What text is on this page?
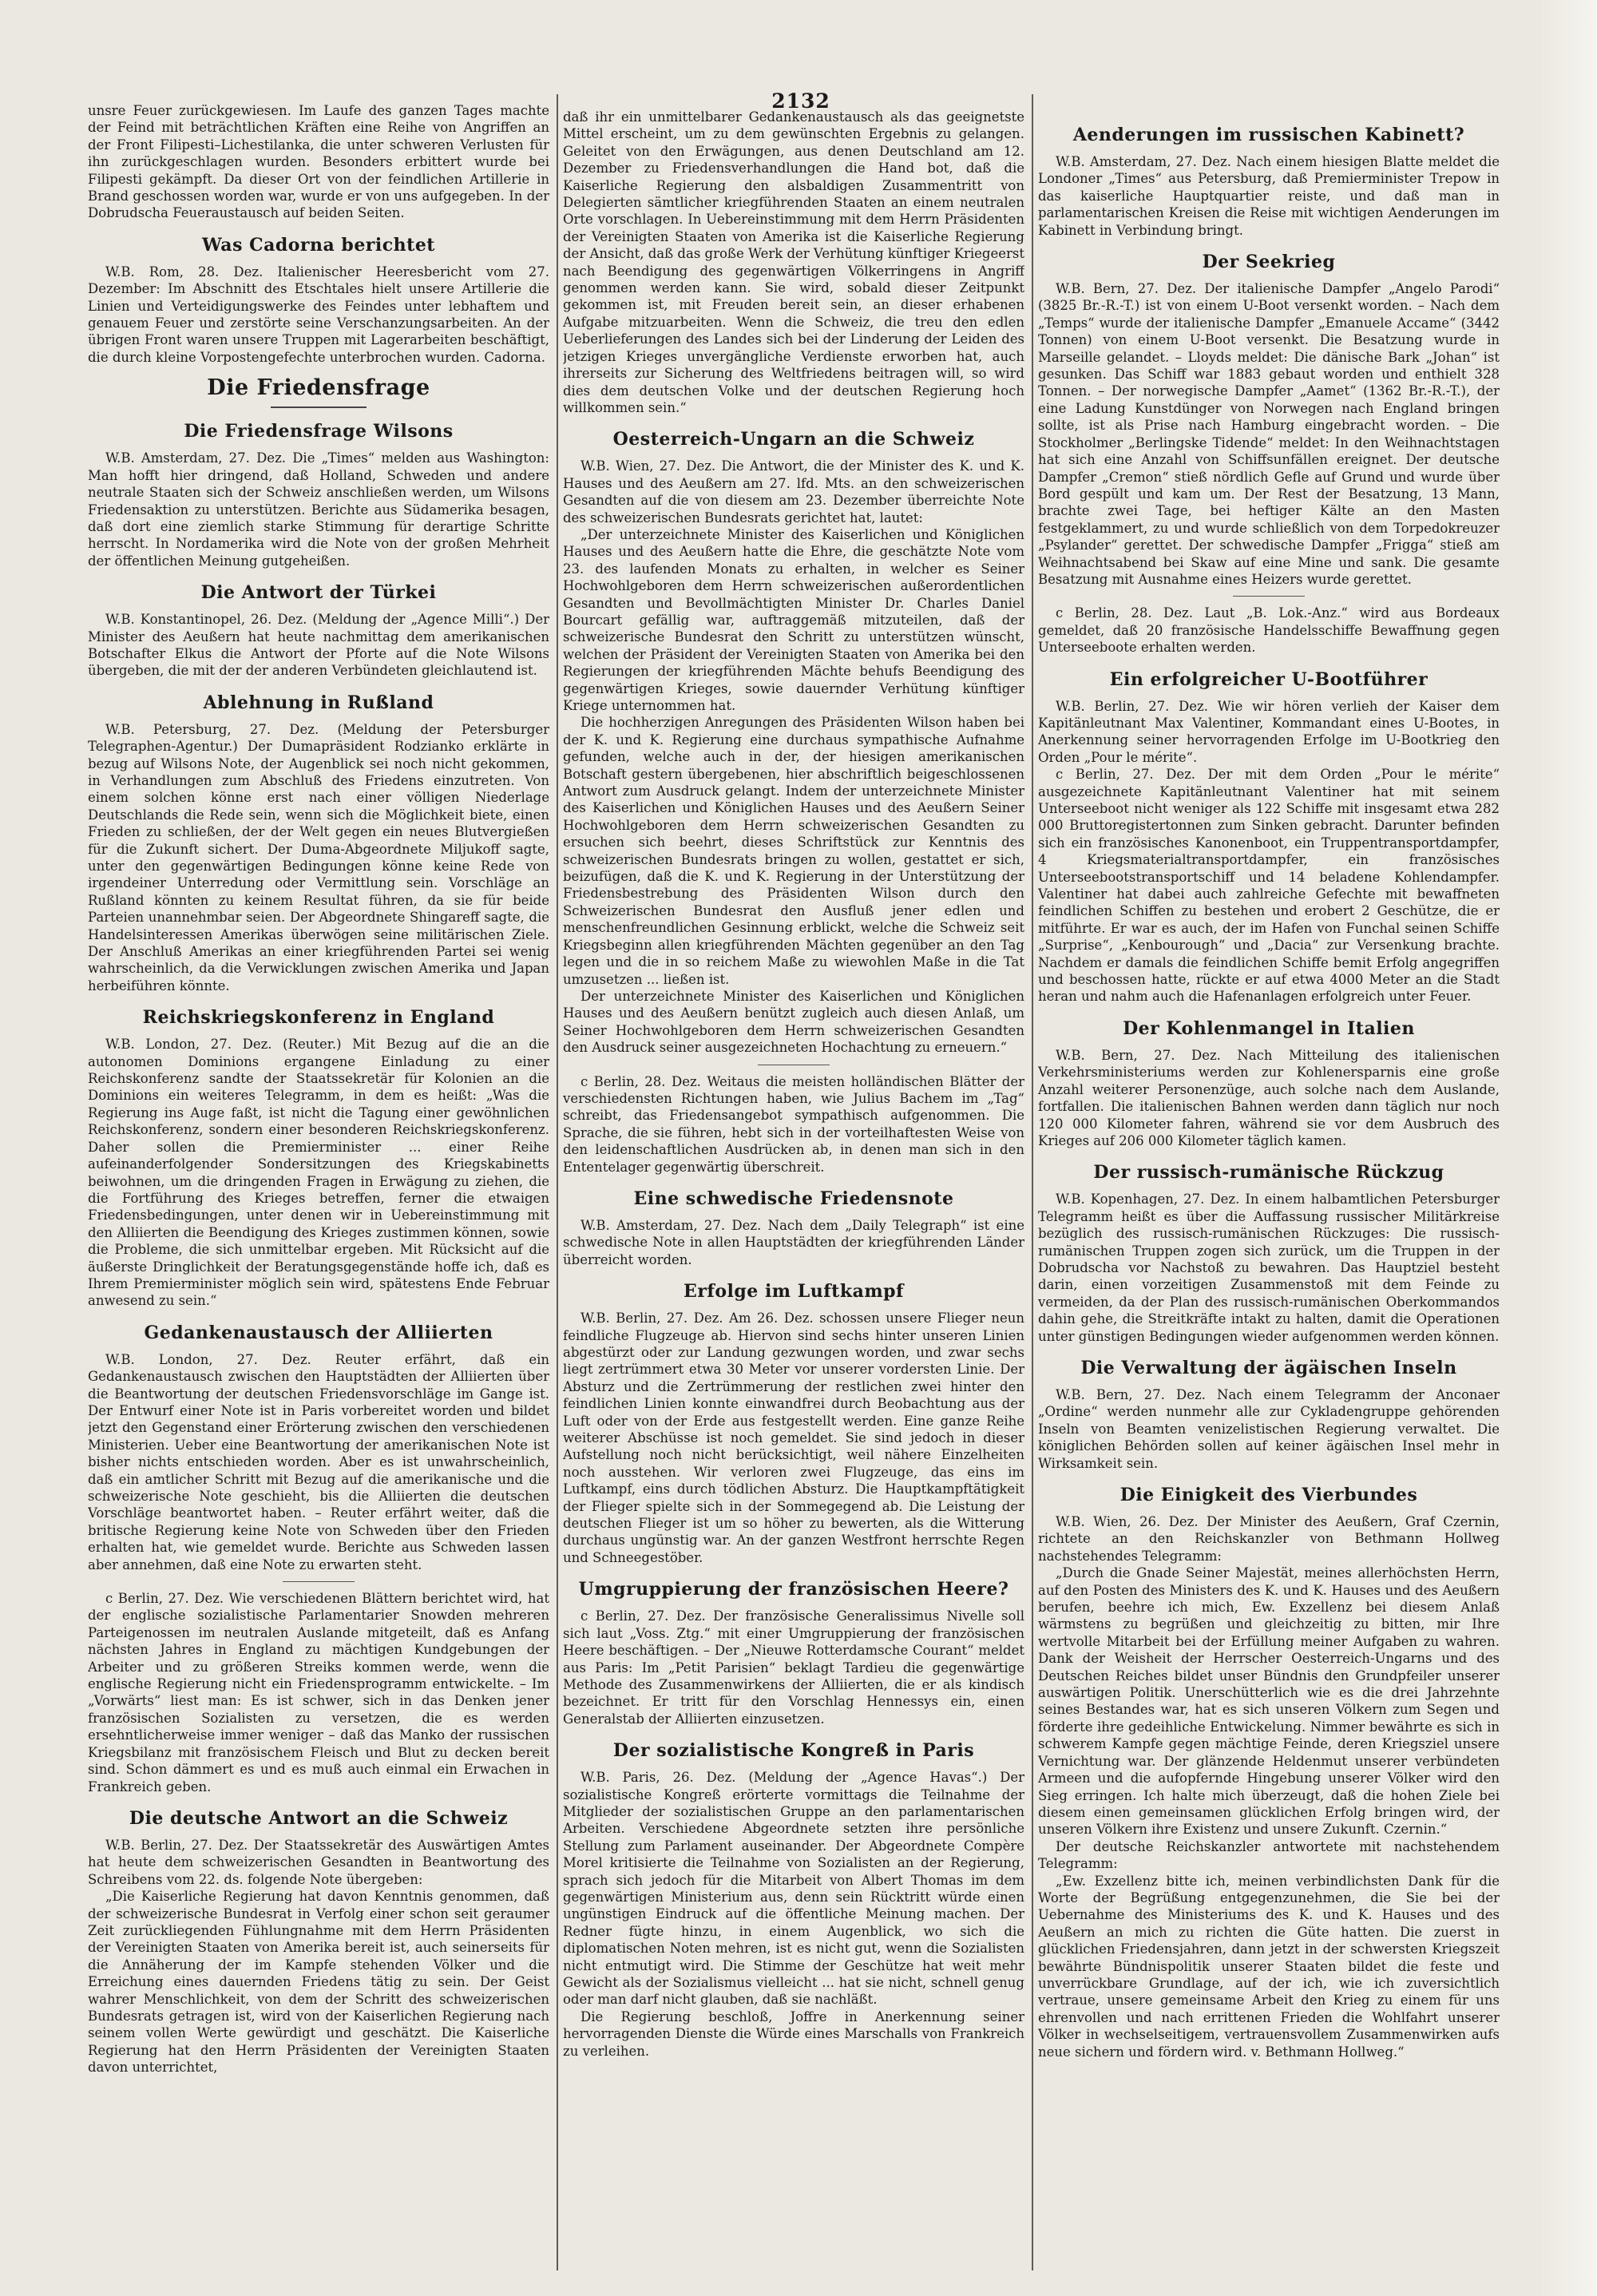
2132

unsre Feuer zurückgewiesen. Im Laufe des ganzen Tages machte der Feind mit beträchtlichen Kräften eine Reihe von Angriffen an der Front Filipesti–Lichestilanka, die unter schweren Verlusten für ihn zurückgeschlagen wurden. Besonders erbittert wurde bei Filipesti gekämpft. Da dieser Ort von der feindlichen Artillerie in Brand geschossen worden war, wurde er von uns aufgegeben. In der Dobrudscha Feueraustausch auf beiden Seiten.

Was Cadorna berichtet

W.B. Rom, 28. Dez. Italienischer Heeresbericht vom 27. Dezember: Im Abschnitt des Etschtales hielt unsere Artillerie die Linien und Verteidigungswerke des Feindes unter lebhaftem und genauem Feuer und zerstörte seine Verschanzungsarbeiten. An der übrigen Front waren unsere Truppen mit Lagerarbeiten beschäftigt, die durch kleine Vorpostengefechte unterbrochen wurden. Cadorna.

Die Friedensfrage
Die Friedensfrage Wilsons

W.B. Amsterdam, 27. Dez. Die „Times“ melden aus Washington: Man hofft hier dringend, daß Holland, Schweden und andere neutrale Staaten sich der Schweiz anschließen werden, um Wilsons Friedensaktion zu unterstützen. Berichte aus Südamerika besagen, daß dort eine ziemlich starke Stimmung für derartige Schritte herrscht. In Nordamerika wird die Note von der großen Mehrheit der öffentlichen Meinung gutgeheißen.

Die Antwort der Türkei

W.B. Konstantinopel, 26. Dez. (Meldung der „Agence Milli“.) Der Minister des Aeußern hat heute nachmittag dem amerikanischen Botschafter Elkus die Antwort der Pforte auf die Note Wilsons übergeben, die mit der der anderen Verbündeten gleichlautend ist.

Ablehnung in Rußland

W.B. Petersburg, 27. Dez. (Meldung der Petersburger Telegraphen-Agentur.) Der Dumapräsident Rodzianko erklärte in bezug auf Wilsons Note, der Augenblick sei noch nicht gekommen, in Verhandlungen zum Abschluß des Friedens einzutreten. Von einem solchen könne erst nach einer völligen Niederlage Deutschlands die Rede sein, wenn sich die Möglichkeit biete, einen Frieden zu schließen, der der Welt gegen ein neues Blutvergießen für die Zukunft sichert. Der Duma-Abgeordnete Miljukoff sagte, unter den gegenwärtigen Bedingungen könne keine Rede von irgendeiner Unterredung oder Vermittlung sein. Vorschläge an Rußland könnten zu keinem Resultat führen, da sie für beide Parteien unannehmbar seien. Der Abgeordnete Shingareff sagte, die Handelsinteressen Amerikas überwögen seine militärischen Ziele. Der Anschluß Amerikas an einer kriegführenden Partei sei wenig wahrscheinlich, da die Verwicklungen zwischen Amerika und Japan herbeiführen könnte.

Reichskriegskonferenz in England

W.B. London, 27. Dez. (Reuter.) Mit Bezug auf die an die autonomen Dominions ergangene Einladung zu einer Reichskonferenz sandte der Staatssekretär für Kolonien an die Dominions ein weiteres Telegramm, in dem es heißt: „Was die Regierung ins Auge faßt, ist nicht die Tagung einer gewöhnlichen Reichskonferenz, sondern einer besonderen Reichskriegskonferenz. Daher sollen die Premierminister ... einer Reihe aufeinanderfolgender Sondersitzungen des Kriegskabinetts beiwohnen, um die dringenden Fragen in Erwägung zu ziehen, die die Fortführung des Krieges betreffen, ferner die etwaigen Friedensbedingungen, unter denen wir in Uebereinstimmung mit den Alliierten die Beendigung des Krieges zustimmen können, sowie die Probleme, die sich unmittelbar ergeben. Mit Rücksicht auf die äußerste Dringlichkeit der Beratungsgegenstände hoffe ich, daß es Ihrem Premierminister möglich sein wird, spätestens Ende Februar anwesend zu sein.“

Gedankenaustausch der Alliierten

W.B. London, 27. Dez. Reuter erfährt, daß ein Gedankenaustausch zwischen den Hauptstädten der Alliierten über die Beantwortung der deutschen Friedensvorschläge im Gange ist. Der Entwurf einer Note ist in Paris vorbereitet worden und bildet jetzt den Gegenstand einer Erörterung zwischen den verschiedenen Ministerien. Ueber eine Beantwortung der amerikanischen Note ist bisher nichts entschieden worden. Aber es ist unwahrscheinlich, daß ein amtlicher Schritt mit Bezug auf die amerikanische und die schweizerische Note geschieht, bis die Alliierten die deutschen Vorschläge beantwortet haben. – Reuter erfährt weiter, daß die britische Regierung keine Note von Schweden über den Frieden erhalten hat, wie gemeldet wurde. Berichte aus Schweden lassen aber annehmen, daß eine Note zu erwarten steht.

c Berlin, 27. Dez. Wie verschiedenen Blättern berichtet wird, hat der englische sozialistische Parlamentarier Snowden mehreren Parteigenossen im neutralen Auslande mitgeteilt, daß es Anfang nächsten Jahres in England zu mächtigen Kundgebungen der Arbeiter und zu größeren Streiks kommen werde, wenn die englische Regierung nicht ein Friedensprogramm entwickelte. – Im „Vorwärts“ liest man: Es ist schwer, sich in das Denken jener französischen Sozialisten zu versetzen, die es werden ersehntlicherweise immer weniger – daß das Manko der russischen Kriegsbilanz mit französischem Fleisch und Blut zu decken bereit sind. Schon dämmert es und es muß auch einmal ein Erwachen in Frankreich geben.

Die deutsche Antwort an die Schweiz

W.B. Berlin, 27. Dez. Der Staatssekretär des Auswärtigen Amtes hat heute dem schweizerischen Gesandten in Beantwortung des Schreibens vom 22. ds. folgende Note übergeben:

„Die Kaiserliche Regierung hat davon Kenntnis genommen, daß der schweizerische Bundesrat in Verfolg einer schon seit geraumer Zeit zurückliegenden Fühlungnahme mit dem Herrn Präsidenten der Vereinigten Staaten von Amerika bereit ist, auch seinerseits für die Annäherung der im Kampfe stehenden Völker und die Erreichung eines dauernden Friedens tätig zu sein. Der Geist wahrer Menschlichkeit, von dem der Schritt des schweizerischen Bundesrats getragen ist, wird von der Kaiserlichen Regierung nach seinem vollen Werte gewürdigt und geschätzt. Die Kaiserliche Regierung hat den Herrn Präsidenten der Vereinigten Staaten davon unterrichtet,

daß ihr ein unmittelbarer Gedankenaustausch als das geeignetste Mittel erscheint, um zu dem gewünschten Ergebnis zu gelangen. Geleitet von den Erwägungen, aus denen Deutschland am 12. Dezember zu Friedensverhandlungen die Hand bot, daß die Kaiserliche Regierung den alsbaldigen Zusammentritt von Delegierten sämtlicher kriegführenden Staaten an einem neutralen Orte vorschlagen. In Uebereinstimmung mit dem Herrn Präsidenten der Vereinigten Staaten von Amerika ist die Kaiserliche Regierung der Ansicht, daß das große Werk der Verhütung künftiger Kriegeerst nach Beendigung des gegenwärtigen Völkerringens in Angriff genommen werden kann. Sie wird, sobald dieser Zeitpunkt gekommen ist, mit Freuden bereit sein, an dieser erhabenen Aufgabe mitzuarbeiten. Wenn die Schweiz, die treu den edlen Ueberlieferungen des Landes sich bei der Linderung der Leiden des jetzigen Krieges unvergängliche Verdienste erworben hat, auch ihrerseits zur Sicherung des Weltfriedens beitragen will, so wird dies dem deutschen Volke und der deutschen Regierung hoch willkommen sein.“

Oesterreich-Ungarn an die Schweiz

W.B. Wien, 27. Dez. Die Antwort, die der Minister des K. und K. Hauses und des Aeußern am 27. lfd. Mts. an den schweizerischen Gesandten auf die von diesem am 23. Dezember überreichte Note des schweizerischen Bundesrats gerichtet hat, lautet:

„Der unterzeichnete Minister des Kaiserlichen und Königlichen Hauses und des Aeußern hatte die Ehre, die geschätzte Note vom 23. des laufenden Monats zu erhalten, in welcher es Seiner Hochwohlgeboren dem Herrn schweizerischen außerordentlichen Gesandten und Bevollmächtigten Minister Dr. Charles Daniel Bourcart gefällig war, auftraggemäß mitzuteilen, daß der schweizerische Bundesrat den Schritt zu unterstützen wünscht, welchen der Präsident der Vereinigten Staaten von Amerika bei den Regierungen der kriegführenden Mächte behufs Beendigung des gegenwärtigen Krieges, sowie dauernder Verhütung künftiger Kriege unternommen hat.

Die hochherzigen Anregungen des Präsidenten Wilson haben bei der K. und K. Regierung eine durchaus sympathische Aufnahme gefunden, welche auch in der, der hiesigen amerikanischen Botschaft gestern übergebenen, hier abschriftlich beigeschlossenen Antwort zum Ausdruck gelangt. Indem der unterzeichnete Minister des Kaiserlichen und Königlichen Hauses und des Aeußern Seiner Hochwohlgeboren dem Herrn schweizerischen Gesandten zu ersuchen sich beehrt, dieses Schriftstück zur Kenntnis des schweizerischen Bundesrats bringen zu wollen, gestattet er sich, beizufügen, daß die K. und K. Regierung in der Unterstützung der Friedensbestrebung des Präsidenten Wilson durch den Schweizerischen Bundesrat den Ausfluß jener edlen und menschenfreundlichen Gesinnung erblickt, welche die Schweiz seit Kriegsbeginn allen kriegführenden Mächten gegenüber an den Tag legen und die in so reichem Maße zu wiewohlen Maße in die Tat umzusetzen ... ließen ist.

Der unterzeichnete Minister des Kaiserlichen und Königlichen Hauses und des Aeußern benützt zugleich auch diesen Anlaß, um Seiner Hochwohlgeboren dem Herrn schweizerischen Gesandten den Ausdruck seiner ausgezeichneten Hochachtung zu erneuern.“

c Berlin, 28. Dez. Weitaus die meisten holländischen Blätter der verschiedensten Richtungen haben, wie Julius Bachem im „Tag“ schreibt, das Friedensangebot sympathisch aufgenommen. Die Sprache, die sie führen, hebt sich in der vorteilhaftesten Weise von den leidenschaftlichen Ausdrücken ab, in denen man sich in den Ententelager gegenwärtig überschreit.

Eine schwedische Friedensnote

W.B. Amsterdam, 27. Dez. Nach dem „Daily Telegraph“ ist eine schwedische Note in allen Hauptstädten der kriegführenden Länder überreicht worden.

Erfolge im Luftkampf

W.B. Berlin, 27. Dez. Am 26. Dez. schossen unsere Flieger neun feindliche Flugzeuge ab. Hiervon sind sechs hinter unseren Linien abgestürzt oder zur Landung gezwungen worden, und zwar sechs liegt zertrümmert etwa 30 Meter vor unserer vordersten Linie. Der Absturz und die Zertrümmerung der restlichen zwei hinter den feindlichen Linien konnte einwandfrei durch Beobachtung aus der Luft oder von der Erde aus festgestellt werden. Eine ganze Reihe weiterer Abschüsse ist noch gemeldet. Sie sind jedoch in dieser Aufstellung noch nicht berücksichtigt, weil nähere Einzelheiten noch ausstehen. Wir verloren zwei Flugzeuge, das eins im Luftkampf, eins durch tödlichen Absturz. Die Hauptkampftätigkeit der Flieger spielte sich in der Sommegegend ab. Die Leistung der deutschen Flieger ist um so höher zu bewerten, als die Witterung durchaus ungünstig war. An der ganzen Westfront herrschte Regen und Schneegestöber.

Umgruppierung der französischen Heere?

c Berlin, 27. Dez. Der französische Generalissimus Nivelle soll sich laut „Voss. Ztg.“ mit einer Umgruppierung der französischen Heere beschäftigen. – Der „Nieuwe Rotterdamsche Courant“ meldet aus Paris: Im „Petit Parisien“ beklagt Tardieu die gegenwärtige Methode des Zusammenwirkens der Alliierten, die er als kindisch bezeichnet. Er tritt für den Vorschlag Hennessys ein, einen Generalstab der Alliierten einzusetzen.

Der sozialistische Kongreß in Paris

W.B. Paris, 26. Dez. (Meldung der „Agence Havas“.) Der sozialistische Kongreß erörterte vormittags die Teilnahme der Mitglieder der sozialistischen Gruppe an den parlamentarischen Arbeiten. Verschiedene Abgeordnete setzten ihre persönliche Stellung zum Parlament auseinander. Der Abgeordnete Compère Morel kritisierte die Teilnahme von Sozialisten an der Regierung, sprach sich jedoch für die Mitarbeit von Albert Thomas im dem gegenwärtigen Ministerium aus, denn sein Rücktritt würde einen ungünstigen Eindruck auf die öffentliche Meinung machen. Der Redner fügte hinzu, in einem Augenblick, wo sich die diplomatischen Noten mehren, ist es nicht gut, wenn die Sozialisten nicht entmutigt wird. Die Stimme der Geschütze hat weit mehr Gewicht als der Sozialismus vielleicht ... hat sie nicht, schnell genug oder man darf nicht glauben, daß sie nachläßt.

Die Regierung beschloß, Joffre in Anerkennung seiner hervorragenden Dienste die Würde eines Marschalls von Frankreich zu verleihen.

Aenderungen im russischen Kabinett?

W.B. Amsterdam, 27. Dez. Nach einem hiesigen Blatte meldet die Londoner „Times“ aus Petersburg, daß Premierminister Trepow in das kaiserliche Hauptquartier reiste, und daß man in parlamentarischen Kreisen die Reise mit wichtigen Aenderungen im Kabinett in Verbindung bringt.

Der Seekrieg

W.B. Bern, 27. Dez. Der italienische Dampfer „Angelo Parodi“ (3825 Br.-R.-T.) ist von einem U-Boot versenkt worden. – Nach dem „Temps“ wurde der italienische Dampfer „Emanuele Accame“ (3442 Tonnen) von einem U-Boot versenkt. Die Besatzung wurde in Marseille gelandet. – Lloyds meldet: Die dänische Bark „Johan“ ist gesunken. Das Schiff war 1883 gebaut worden und enthielt 328 Tonnen. – Der norwegische Dampfer „Aamet“ (1362 Br.-R.-T.), der eine Ladung Kunstdünger von Norwegen nach England bringen sollte, ist als Prise nach Hamburg eingebracht worden. – Die Stockholmer „Berlingske Tidende“ meldet: In den Weihnachtstagen hat sich eine Anzahl von Schiffsunfällen ereignet. Der deutsche Dampfer „Cremon“ stieß nördlich Gefle auf Grund und wurde über Bord gespült und kam um. Der Rest der Besatzung, 13 Mann, brachte zwei Tage, bei heftiger Kälte an den Masten festgeklammert, zu und wurde schließlich von dem Torpedokreuzer „Psylander“ gerettet. Der schwedische Dampfer „Frigga“ stieß am Weihnachtsabend bei Skaw auf eine Mine und sank. Die gesamte Besatzung mit Ausnahme eines Heizers wurde gerettet.

c Berlin, 28. Dez. Laut „B. Lok.-Anz.“ wird aus Bordeaux gemeldet, daß 20 französische Handelsschiffe Bewaffnung gegen Unterseeboote erhalten werden.

Ein erfolgreicher U-Bootführer

W.B. Berlin, 27. Dez. Wie wir hören verlieh der Kaiser dem Kapitänleutnant Max Valentiner, Kommandant eines U-Bootes, in Anerkennung seiner hervorragenden Erfolge im U-Bootkrieg den Orden „Pour le mérite“.

c Berlin, 27. Dez. Der mit dem Orden „Pour le mérite“ ausgezeichnete Kapitänleutnant Valentiner hat mit seinem Unterseeboot nicht weniger als 122 Schiffe mit insgesamt etwa 282 000 Bruttoregistertonnen zum Sinken gebracht. Darunter befinden sich ein französisches Kanonenboot, ein Truppentransportdampfer, 4 Kriegsmaterialtransportdampfer, ein französisches Unterseebootstransportschiff und 14 beladene Kohlendampfer. Valentiner hat dabei auch zahlreiche Gefechte mit bewaffneten feindlichen Schiffen zu bestehen und erobert 2 Geschütze, die er mitführte. Er war es auch, der im Hafen von Funchal seinen Schiffe „Surprise“, „Kenbourough“ und „Dacia“ zur Versenkung brachte. Nachdem er damals die feindlichen Schiffe bemit Erfolg angegriffen und beschossen hatte, rückte er auf etwa 4000 Meter an die Stadt heran und nahm auch die Hafenanlagen erfolgreich unter Feuer.

Der Kohlenmangel in Italien

W.B. Bern, 27. Dez. Nach Mitteilung des italienischen Verkehrsministeriums werden zur Kohlenersparnis eine große Anzahl weiterer Personenzüge, auch solche nach dem Auslande, fortfallen. Die italienischen Bahnen werden dann täglich nur noch 120 000 Kilometer fahren, während sie vor dem Ausbruch des Krieges auf 206 000 Kilometer täglich kamen.

Der russisch-rumänische Rückzug

W.B. Kopenhagen, 27. Dez. In einem halbamtlichen Petersburger Telegramm heißt es über die Auffassung russischer Militärkreise bezüglich des russisch-rumänischen Rückzuges: Die russisch-rumänischen Truppen zogen sich zurück, um die Truppen in der Dobrudscha vor Nachstoß zu bewahren. Das Hauptziel besteht darin, einen vorzeitigen Zusammenstoß mit dem Feinde zu vermeiden, da der Plan des russisch-rumänischen Oberkommandos dahin gehe, die Streitkräfte intakt zu halten, damit die Operationen unter günstigen Bedingungen wieder aufgenommen werden können.

Die Verwaltung der ägäischen Inseln

W.B. Bern, 27. Dez. Nach einem Telegramm der Anconaer „Ordine“ werden nunmehr alle zur Cykladengruppe gehörenden Inseln von Beamten venizelistischen Regierung verwaltet. Die königlichen Behörden sollen auf keiner ägäischen Insel mehr in Wirksamkeit sein.

Die Einigkeit des Vierbundes

W.B. Wien, 26. Dez. Der Minister des Aeußern, Graf Czernin, richtete an den Reichskanzler von Bethmann Hollweg nachstehendes Telegramm:

„Durch die Gnade Seiner Majestät, meines allerhöchsten Herrn, auf den Posten des Ministers des K. und K. Hauses und des Aeußern berufen, beehre ich mich, Ew. Exzellenz bei diesem Anlaß wärmstens zu begrüßen und gleichzeitig zu bitten, mir Ihre wertvolle Mitarbeit bei der Erfüllung meiner Aufgaben zu wahren. Dank der Weisheit der Herrscher Oesterreich-Ungarns und des Deutschen Reiches bildet unser Bündnis den Grundpfeiler unserer auswärtigen Politik. Unerschütterlich wie es die drei Jahrzehnte seines Bestandes war, hat es sich unseren Völkern zum Segen und förderte ihre gedeihliche Entwickelung. Nimmer bewährte es sich in schwerem Kampfe gegen mächtige Feinde, deren Kriegsziel unsere Vernichtung war. Der glänzende Heldenmut unserer verbündeten Armeen und die aufopfernde Hingebung unserer Völker wird den Sieg erringen. Ich halte mich überzeugt, daß die hohen Ziele bei diesem einen gemeinsamen glücklichen Erfolg bringen wird, der unseren Völkern ihre Existenz und unsere Zukunft. Czernin.“

Der deutsche Reichskanzler antwortete mit nachstehendem Telegramm:

„Ew. Exzellenz bitte ich, meinen verbindlichsten Dank für die Worte der Begrüßung entgegenzunehmen, die Sie bei der Uebernahme des Ministeriums des K. und K. Hauses und des Aeußern an mich zu richten die Güte hatten. Die zuerst in glücklichen Friedensjahren, dann jetzt in der schwersten Kriegszeit bewährte Bündnispolitik unserer Staaten bildet die feste und unverrückbare Grundlage, auf der ich, wie ich zuversichtlich vertraue, unsere gemeinsame Arbeit den Krieg zu einem für uns ehrenvollen und nach errittenen Frieden die Wohlfahrt unserer Völker in wechselseitigem, vertrauensvollem Zusammenwirken aufs neue sichern und fördern wird. v. Bethmann Hollweg.“
